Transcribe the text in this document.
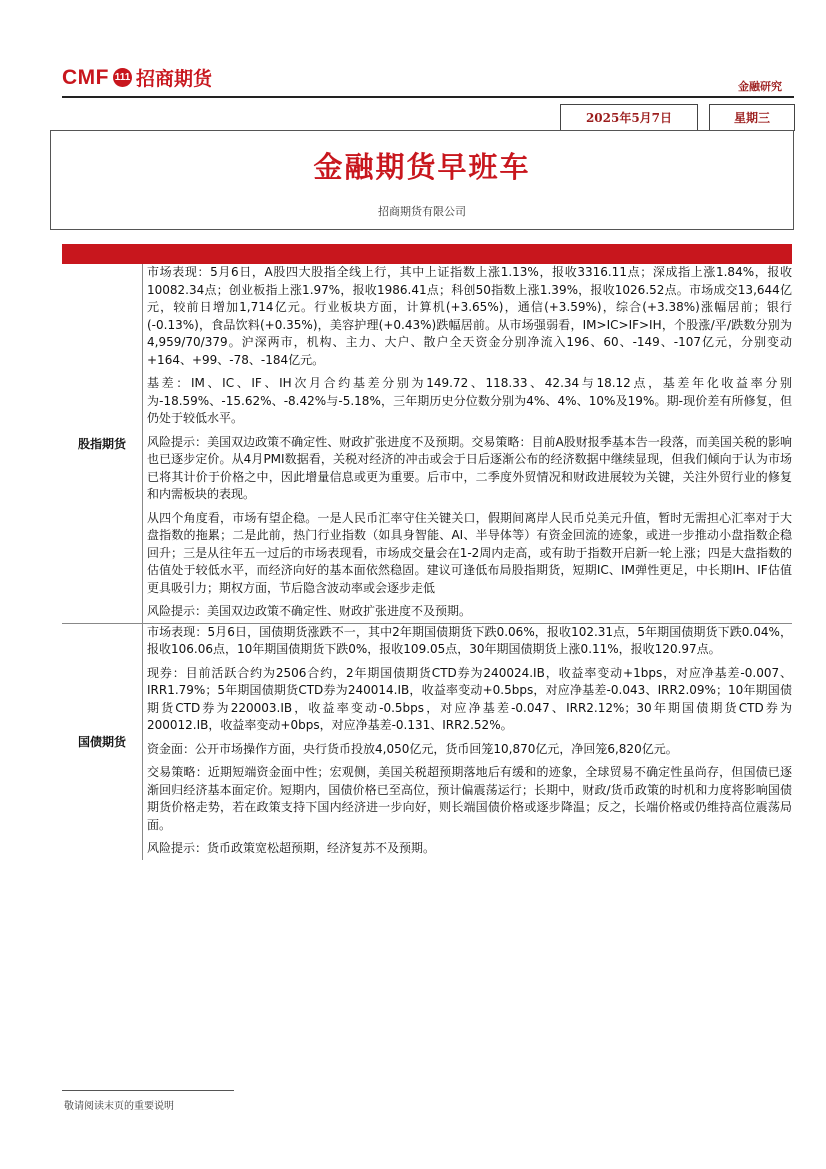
CMF 111 招商期货	金融研究
2025年5月7日	星期三
金融期货早班车
招商期货有限公司
股指期货	市场表现：5月6日，A股四大股指全线上行，其中上证指数上涨1.13%，报收3316.11点；深成指上涨1.84%，报收10082.34点；创业板指上涨1.97%，报收1986.41点；科创50指数上涨1.39%，报收1026.52点。市场成交13,644亿元，较前日增加1,714亿元。行业板块方面，计算机(+3.65%)，通信(+3.59%)，综合(+3.38%)涨幅居前；银行(-0.13%)，食品饮料(+0.35%)，美容护理(+0.43%)跌幅居前。从市场强弱看，IM>IC>IF>IH，个股涨/平/跌数分别为4,959/70/379。沪深两市，机构、主力、大户、散户全天资金分别净流入196、60、-149、-107亿元，分别变动+164、+99、-78、-184亿元。

基差：IM、IC、IF、IH次月合约基差分别为149.72、118.33、42.34与18.12点，基差年化收益率分别为-18.59%、-15.62%、-8.42%与-5.18%，三年期历史分位数分别为4%、4%、10%及19%。期-现价差有所修复，但仍处于较低水平。

风险提示：美国双边政策不确定性、财政扩张进度不及预期。交易策略：目前A股财报季基本告一段落，而美国关税的影响也已逐步定价。从4月PMI数据看，关税对经济的冲击或会于日后逐渐公布的经济数据中继续显现，但我们倾向于认为市场已将其计价于价格之中，因此增量信息或更为重要。后市中，二季度外贸情况和财政进展较为关键，关注外贸行业的修复和内需板块的表现。

从四个角度看，市场有望企稳。一是人民币汇率守住关键关口，假期间离岸人民币兑美元升值，暂时无需担心汇率对于大盘指数的拖累；二是此前，热门行业指数（如具身智能、AI、半导体等）有资金回流的迹象，或进一步推动小盘指数企稳回升；三是从往年五一过后的市场表现看，市场成交量会在1-2周内走高，或有助于指数开启新一轮上涨；四是大盘指数的估值处于较低水平，而经济向好的基本面依然稳固。建议可逢低布局股指期货，短期IC、IM弹性更足，中长期IH、IF估值更具吸引力；期权方面，节后隐含波动率或会逐步走低

风险提示：美国双边政策不确定性、财政扩张进度不及预期。

国债期货	市场表现：5月6日，国债期货涨跌不一，其中2年期国债期货下跌0.06%，报收102.31点，5年期国债期货下跌0.04%，报收106.06点，10年期国债期货下跌0%，报收109.05点，30年期国债期货上涨0.11%，报收120.97点。

现券：目前活跃合约为2506合约，2年期国债期货CTD券为240024.IB，收益率变动+1bps，对应净基差-0.007、IRR1.79%；5年期国债期货CTD券为240014.IB，收益率变动+0.5bps，对应净基差-0.043、IRR2.09%；10年期国债期货CTD券为220003.IB，收益率变动-0.5bps，对应净基差-0.047、IRR2.12%；30年期国债期货CTD券为200012.IB，收益率变动+0bps，对应净基差-0.131、IRR2.52%。

资金面：公开市场操作方面，央行货币投放4,050亿元，货币回笼10,870亿元，净回笼6,820亿元。

交易策略：近期短端资金面中性；宏观侧，美国关税超预期落地后有缓和的迹象，全球贸易不确定性虽尚存，但国债已逐渐回归经济基本面定价。短期内，国债价格已至高位，预计偏震荡运行；长期中，财政/货币政策的时机和力度将影响国债期货价格走势，若在政策支持下国内经济进一步向好，则长端国债价格或逐步降温；反之，长端价格或仍维持高位震荡局面。

风险提示：货币政策宽松超预期，经济复苏不及预期。

敬请阅读末页的重要说明
